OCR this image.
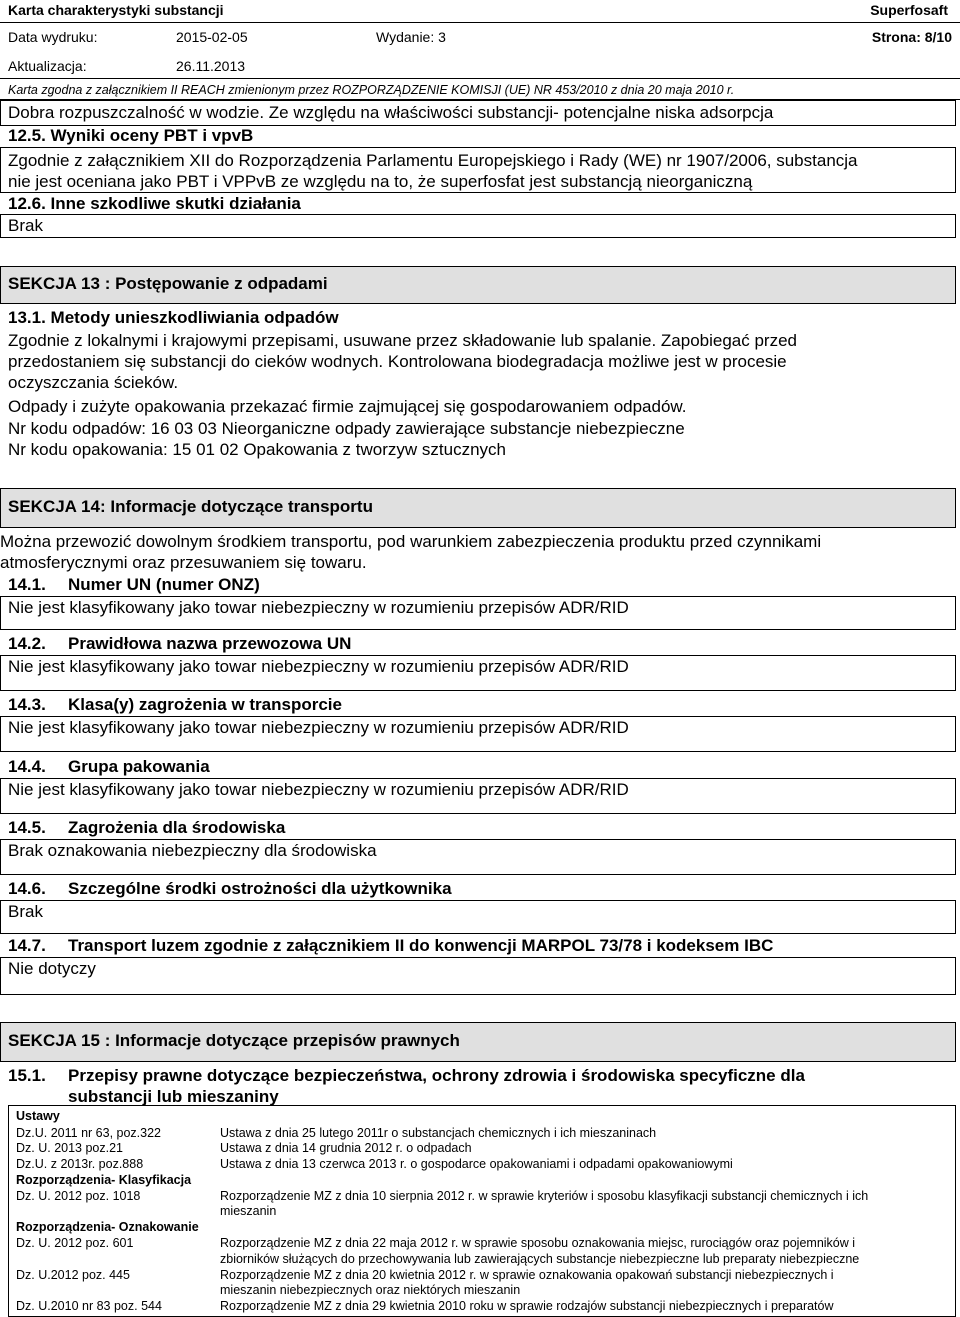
Karta charakterystyki substancji	Superfosaft
Data wydruku:	2015-02-05	Wydanie: 3	Strona: 8/10
Aktualizacja:	26.11.2013
Karta zgodna z załącznikiem II REACH zmienionym przez ROZPORZĄDZENIE KOMISJI (UE) NR 453/2010 z dnia 20 maja 2010 r.
Dobra rozpuszczalność w wodzie. Ze względu na właściwości substancji- potencjalne niska adsorpcja
12.5. Wyniki oceny PBT i vpvB
Zgodnie z załącznikiem XII do Rozporządzenia Parlamentu Europejskiego i Rady (WE) nr 1907/2006, substancja
nie jest oceniana jako PBT i VPPvB ze względu na to, że superfosfat jest substancją nieorganiczną
12.6. Inne szkodliwe skutki działania
Brak
SEKCJA 13 : Postępowanie z odpadami
13.1. Metody unieszkodliwiania odpadów
Zgodnie z lokalnymi i krajowymi przepisami, usuwane przez składowanie lub spalanie. Zapobiegać przed
przedostaniem się substancji do cieków wodnych. Kontrolowana biodegradacja możliwe jest w procesie
oczyszczania ścieków.
Odpady i zużyte opakowania przekazać firmie zajmującej się gospodarowaniem odpadów.
Nr kodu odpadów: 16 03 03 Nieorganiczne odpady zawierające substancje niebezpieczne
Nr kodu opakowania: 15 01 02 Opakowania z tworzyw sztucznych
SEKCJA 14: Informacje dotyczące transportu
Można przewozić dowolnym środkiem transportu, pod warunkiem zabezpieczenia produktu przed czynnikami
atmosferycznymi oraz przesuwaniem się towaru.
14.1. Numer UN (numer ONZ)
Nie jest klasyfikowany jako towar niebezpieczny w rozumieniu przepisów ADR/RID
14.2. Prawidłowa nazwa przewozowa UN
Nie jest klasyfikowany jako towar niebezpieczny w rozumieniu przepisów ADR/RID
14.3. Klasa(y) zagrożenia w transporcie
Nie jest klasyfikowany jako towar niebezpieczny w rozumieniu przepisów ADR/RID
14.4. Grupa pakowania
Nie jest klasyfikowany jako towar niebezpieczny w rozumieniu przepisów ADR/RID
14.5. Zagrożenia dla środowiska
Brak oznakowania niebezpieczny dla środowiska
14.6. Szczególne środki ostrożności dla użytkownika
Brak
14.7. Transport luzem zgodnie z załącznikiem II do konwencji MARPOL 73/78 i kodeksem IBC
Nie dotyczy
SEKCJA 15 : Informacje dotyczące przepisów prawnych
15.1. Przepisy prawne dotyczące bezpieczeństwa, ochrony zdrowia i środowiska specyficzne dla
substancji lub mieszaniny
Ustawy
Dz.U. 2011 nr 63, poz.322	Ustawa z dnia 25 lutego 2011r o substancjach chemicznych i ich mieszaninach
Dz. U. 2013 poz.21	Ustawa z dnia 14 grudnia 2012 r. o odpadach
Dz.U. z 2013r. poz.888	Ustawa z dnia 13 czerwca 2013 r. o gospodarce opakowaniami i odpadami opakowaniowymi
Rozporządzenia- Klasyfikacja
Dz. U. 2012 poz. 1018	Rozporządzenie MZ z dnia 10 sierpnia 2012 r. w sprawie kryteriów i sposobu klasyfikacji substancji chemicznych i ich
mieszanin
Rozporządzenia- Oznakowanie
Dz. U. 2012 poz. 601	Rozporządzenie MZ z dnia 22 maja 2012 r. w sprawie sposobu oznakowania miejsc, rurociągów oraz pojemników i
zbiorników służących do przechowywania lub zawierających substancje niebezpieczne lub preparaty niebezpieczne
Dz. U.2012 poz. 445	Rozporządzenie MZ z dnia 20 kwietnia 2012 r. w sprawie oznakowania opakowań substancji niebezpiecznych i
mieszanin niebezpiecznych oraz niektórych mieszanin
Dz. U.2010 nr 83 poz. 544	Rozporządzenie MZ z dnia 29 kwietnia 2010 roku w sprawie rodzajów substancji niebezpiecznych i preparatów
